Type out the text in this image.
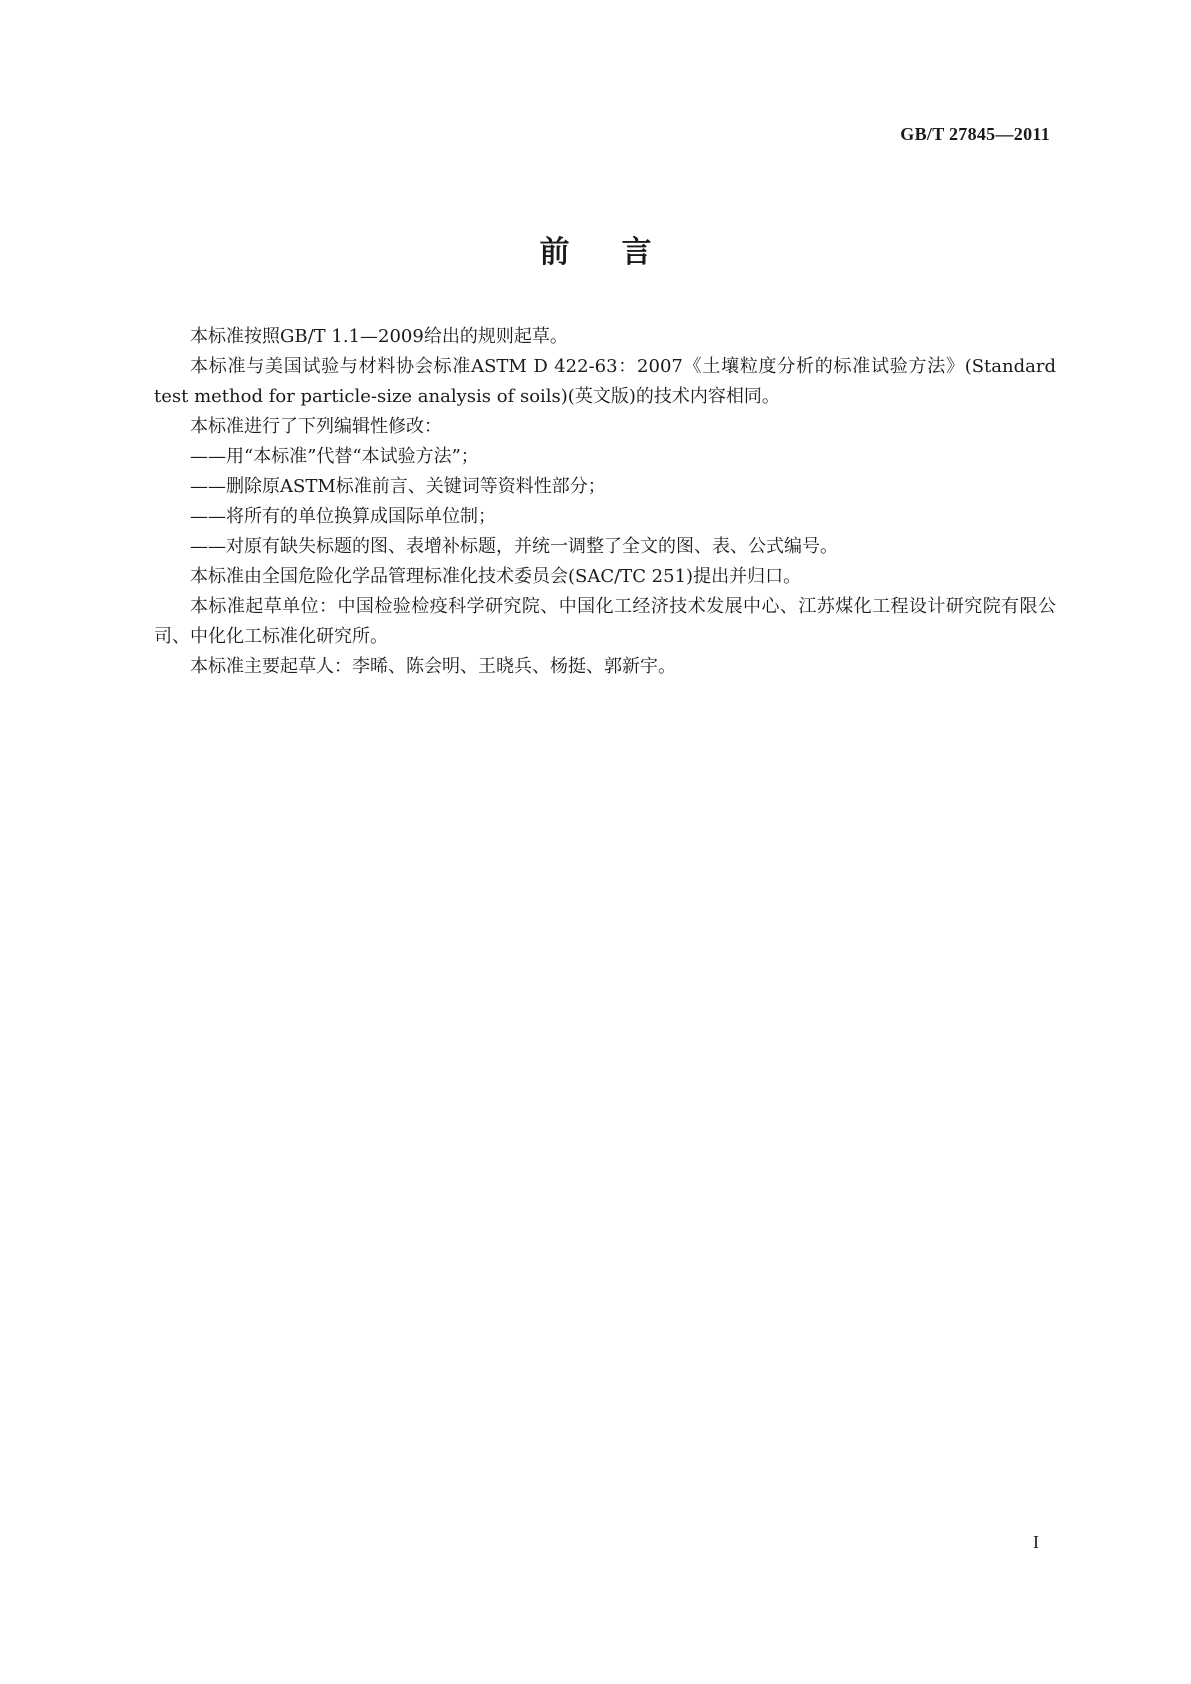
GB/T 27845—2011
前言

本标准按照GB/T 1.1—2009给出的规则起草。

本标准与美国试验与材料协会标准ASTM D 422-63：2007《土壤粒度分析的标准试验方法》(Standard test method for particle-size analysis of soils)(英文版)的技术内容相同。

本标准进行了下列编辑性修改：

——用“本标准”代替“本试验方法”；

——删除原ASTM标准前言、关键词等资料性部分；

——将所有的单位换算成国际单位制；

——对原有缺失标题的图、表增补标题，并统一调整了全文的图、表、公式编号。

本标准由全国危险化学品管理标准化技术委员会(SAC/TC 251)提出并归口。

本标准起草单位：中国检验检疫科学研究院、中国化工经济技术发展中心、江苏煤化工程设计研究院有限公司、中化化工标准化研究所。

本标准主要起草人：李晞、陈会明、王晓兵、杨挺、郭新宇。

I
